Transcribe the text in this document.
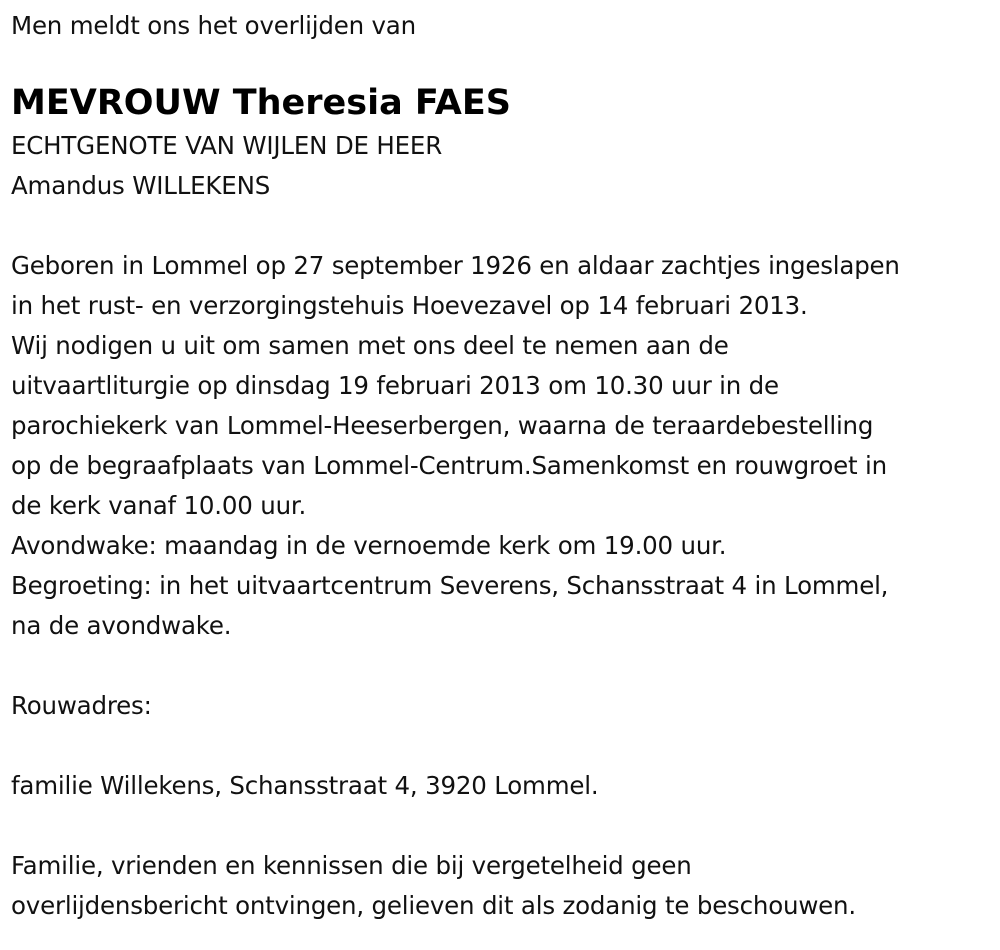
Men meldt ons het overlijden van
MEVROUW Theresia FAES
ECHTGENOTE VAN WIJLEN DE HEER
Amandus WILLEKENS
Geboren in Lommel op 27 september 1926 en aldaar zachtjes ingeslapen
in het rust- en verzorgingstehuis Hoevezavel op 14 februari 2013.
Wij nodigen u uit om samen met ons deel te nemen aan de
uitvaartliturgie op dinsdag 19 februari 2013 om 10.30 uur in de
parochiekerk van Lommel-Heeserbergen, waarna de teraardebestelling
op de begraafplaats van Lommel-Centrum.Samenkomst en rouwgroet in
de kerk vanaf 10.00 uur.
Avondwake: maandag in de vernoemde kerk om 19.00 uur.
Begroeting: in het uitvaartcentrum Severens, Schansstraat 4 in Lommel,
na de avondwake.
Rouwadres:
familie Willekens, Schansstraat 4, 3920 Lommel.
Familie, vrienden en kennissen die bij vergetelheid geen
overlijdensbericht ontvingen, gelieven dit als zodanig te beschouwen.
